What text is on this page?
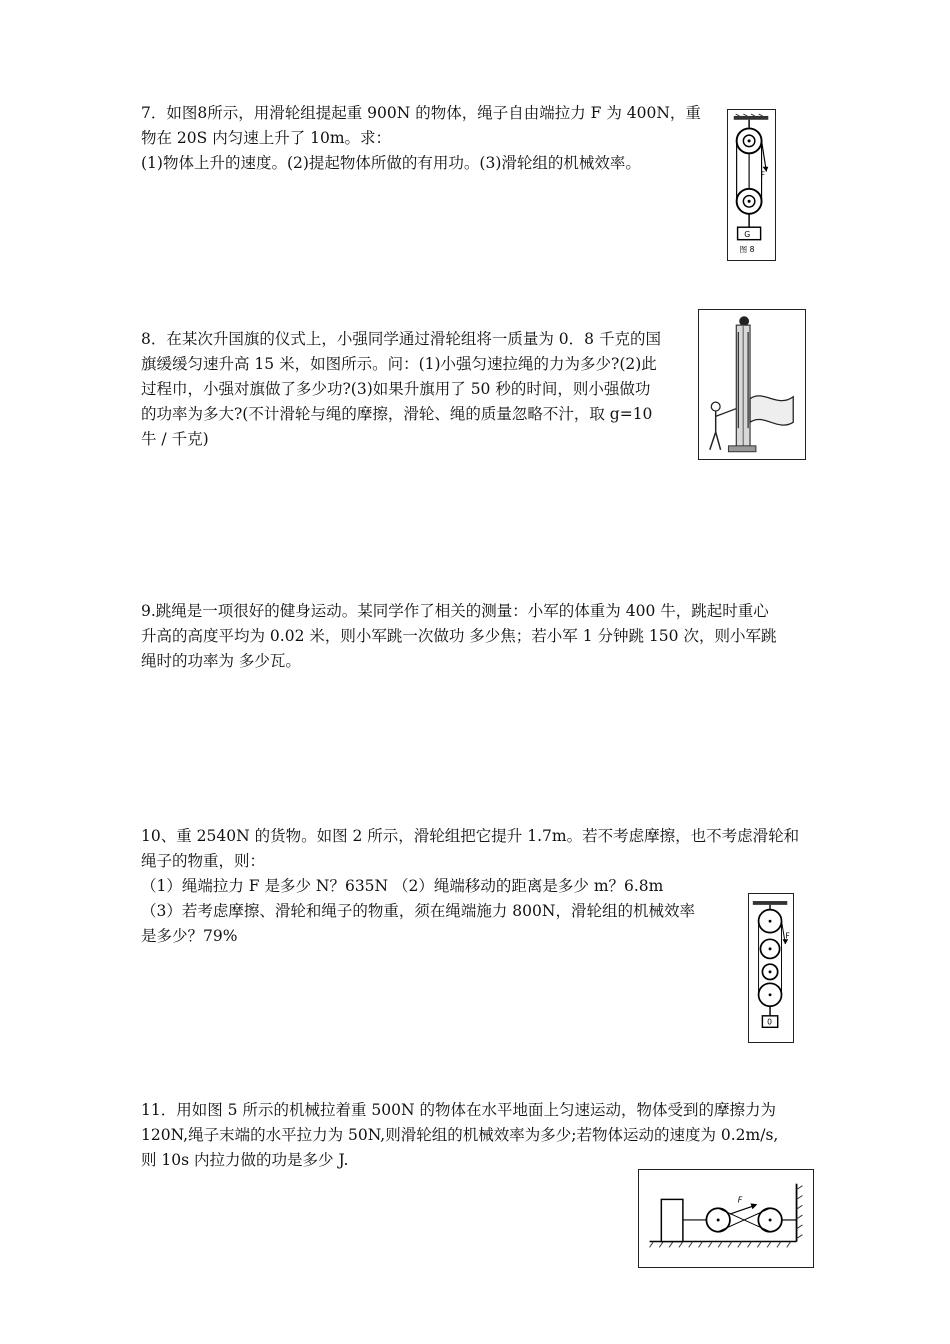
7．如图8所示，用滑轮组提起重 900N 的物体，绳子自由端拉力 F 为 400N，重
物在 20S 内匀速上升了 10m。求：
(1)物体上升的速度。(2)提起物体所做的有用功。(3)滑轮组的机械效率。
F
G
图 8
8．在某次升国旗的仪式上，小强同学通过滑轮组将一质量为 0．8 千克的国
旗缓缓匀速升高 15 米，如图所示。问：(1)小强匀速拉绳的力为多少?(2)此
过程巾，小强对旗做了多少功?(3)如果升旗用了 50 秒的时间，则小强做功
的功率为多大?(不计滑轮与绳的摩擦，滑轮、绳的质量忽略不汁，取 g=10
牛 / 千克)
9.跳绳是一项很好的健身运动。某同学作了相关的测量：小军的体重为 400 牛，跳起时重心
升高的高度平均为 0.02 米，则小军跳一次做功 多少焦；若小军 1 分钟跳 150 次，则小军跳
绳时的功率为 多少瓦。
10、重 2540N 的货物。如图 2 所示，滑轮组把它提升 1.7m。若不考虑摩擦，也不考虑滑轮和
绳子的物重，则：
（1）绳端拉力 F 是多少 N？635N （2）绳端移动的距离是多少 m？6.8m
（3）若考虑摩擦、滑轮和绳子的物重，须在绳端施力 800N，滑轮组的机械效率
是多少？79%	F
0
11．用如图 5 所示的机械拉着重 500N 的物体在水平地面上匀速运动，物体受到的摩擦力为
120N,绳子末端的水平拉力为 50N,则滑轮组的机械效率为多少;若物体运动的速度为 0.2m/s,
则 10s 内拉力做的功是多少 J.
F
